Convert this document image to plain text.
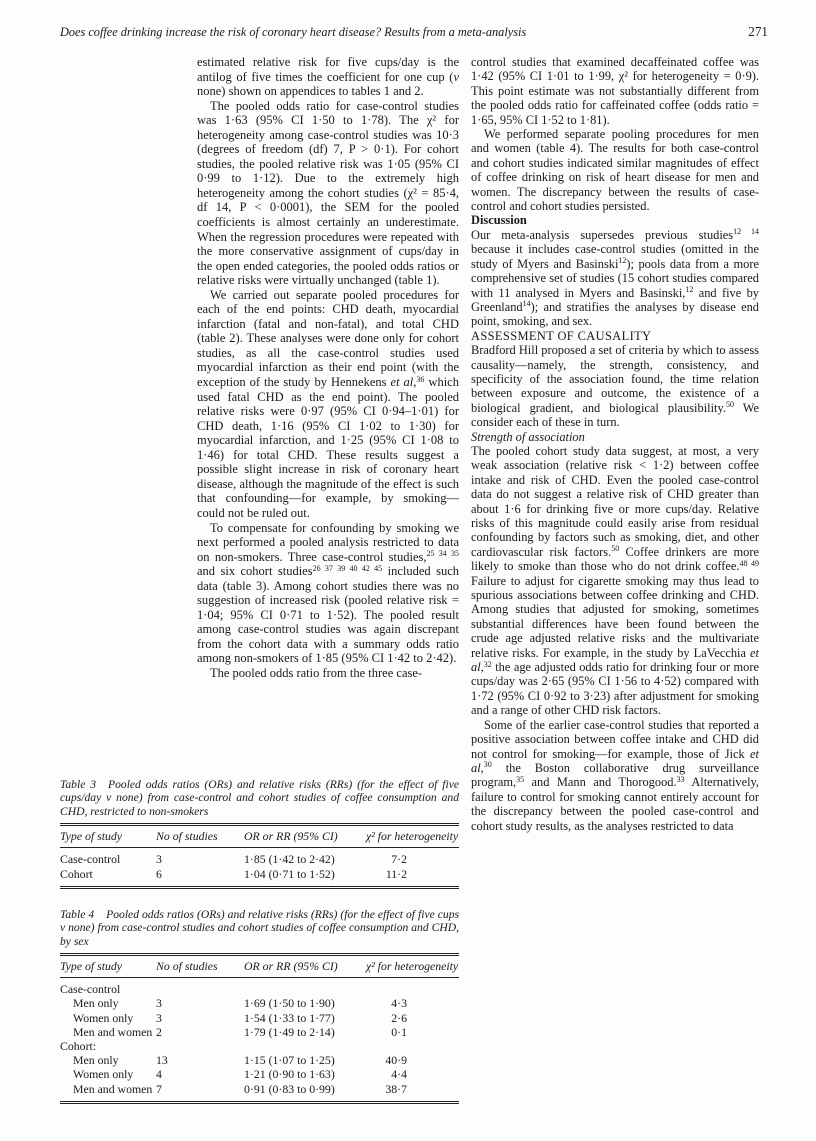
Does coffee drinking increase the risk of coronary heart disease? Results from a meta-analysis	271

estimated relative risk for five cups/day is the antilog of five times the coefficient for one cup (v none) shown on appendices to tables 1 and 2.

The pooled odds ratio for case-control studies was 1·63 (95% CI 1·50 to 1·78). The χ² for heterogeneity among case-control studies was 10·3 (degrees of freedom (df) 7, P > 0·1). For cohort studies, the pooled relative risk was 1·05 (95% CI 0·99 to 1·12). Due to the extremely high heterogeneity among the cohort studies (χ² = 85·4, df 14, P < 0·0001), the SEM for the pooled coefficients is almost certainly an underestimate. When the regression procedures were repeated with the more conservative assignment of cups/day in the open ended categories, the pooled odds ratios or relative risks were virtually unchanged (table 1).

We carried out separate pooled procedures for each of the end points: CHD death, myocardial infarction (fatal and non-fatal), and total CHD (table 2). These analyses were done only for cohort studies, as all the case-control studies used myocardial infarction as their end point (with the exception of the study by Hennekens et al,$^{36}$ which used fatal CHD as the end point). The pooled relative risks were 0·97 (95% CI 0·94–1·01) for CHD death, 1·16 (95% CI 1·02 to 1·30) for myocardial infarction, and 1·25 (95% CI 1·08 to 1·46) for total CHD. These results suggest a possible slight increase in risk of coronary heart disease, although the magnitude of the effect is such that confounding—for example, by smoking—could not be ruled out.

To compensate for confounding by smoking we next performed a pooled analysis restricted to data on non-smokers. Three case-control studies,$^{25 34 35}$ and six cohort studies$^{26 37 39 40 42 45}$ included such data (table 3). Among cohort studies there was no suggestion of increased risk (pooled relative risk = 1·04; 95% CI 0·71 to 1·52). The pooled result among case-control studies was again discrepant from the cohort data with a summary odds ratio among non-smokers of 1·85 (95% CI 1·42 to 2·42).

The pooled odds ratio from the three case-

control studies that examined decaffeinated coffee was 1·42 (95% CI 1·01 to 1·99, χ² for heterogeneity = 0·9). This point estimate was not substantially different from the pooled odds ratio for caffeinated coffee (odds ratio = 1·65, 95% CI 1·52 to 1·81).

We performed separate pooling procedures for men and women (table 4). The results for both case-control and cohort studies indicated similar magnitudes of effect of coffee drinking on risk of heart disease for men and women. The discrepancy between the results of case-control and cohort studies persisted.

Discussion

Our meta-analysis supersedes previous studies$^{12 14}$ because it includes case-control studies (omitted in the study of Myers and Basinski$^{12}$); pools data from a more comprehensive set of studies (15 cohort studies compared with 11 analysed in Myers and Basinski,$^{12}$ and five by Greenland$^{14}$); and stratifies the analyses by disease end point, smoking, and sex.

ASSESSMENT OF CAUSALITY

Bradford Hill proposed a set of criteria by which to assess causality—namely, the strength, consistency, and specificity of the association found, the time relation between exposure and outcome, the existence of a biological gradient, and biological plausibility.$^{50}$ We consider each of these in turn.

Strength of association

The pooled cohort study data suggest, at most, a very weak association (relative risk < 1·2) between coffee intake and risk of CHD. Even the pooled case-control data do not suggest a relative risk of CHD greater than about 1·6 for drinking five or more cups/day. Relative risks of this magnitude could easily arise from residual confounding by factors such as smoking, diet, and other cardiovascular risk factors.$^{50}$ Coffee drinkers are more likely to smoke than those who do not drink coffee.$^{48 49}$ Failure to adjust for cigarette smoking may thus lead to spurious associations between coffee drinking and CHD. Among studies that adjusted for smoking, sometimes substantial differences have been found between the crude age adjusted relative risks and the multivariate relative risks. For example, in the study by LaVecchia et al,$^{32}$ the age adjusted odds ratio for drinking four or more cups/day was 2·65 (95% CI 1·56 to 4·52) compared with 1·72 (95% CI 0·92 to 3·23) after adjustment for smoking and a range of other CHD risk factors.

Some of the earlier case-control studies that reported a positive association between coffee intake and CHD did not control for smoking—for example, those of Jick et al,$^{30}$ the Boston collaborative drug surveillance program,$^{35}$ and Mann and Thorogood.$^{33}$ Alternatively, failure to control for smoking cannot entirely account for the discrepancy between the pooled case-control and cohort study results, as the analyses restricted to data

Table 3 Pooled odds ratios (ORs) and relative risks (RRs) (for the effect of five cups/day v none) from case-control and cohort studies of coffee consumption and CHD, restricted to non-smokers

Type of study	No of studies	OR or RR (95% CI)	χ² for heterogeneity
Case-control	3	1·85 (1·42 to 2·42)	7·2
Cohort	6	1·04 (0·71 to 1·52)	11·2

Table 4 Pooled odds ratios (ORs) and relative risks (RRs) (for the effect of five cups v none) from case-control studies and cohort studies of coffee consumption and CHD, by sex

Type of study	No of studies	OR or RR (95% CI)	χ² for heterogeneity
Case-control			
Men only	3	1·69 (1·50 to 1·90)	4·3
Women only	3	1·54 (1·33 to 1·77)	2·6
Men and women	2	1·79 (1·49 to 2·14)	0·1
Cohort:			
Men only	13	1·15 (1·07 to 1·25)	40·9
Women only	4	1·21 (0·90 to 1·63)	4·4
Men and women	7	0·91 (0·83 to 0·99)	38·7
